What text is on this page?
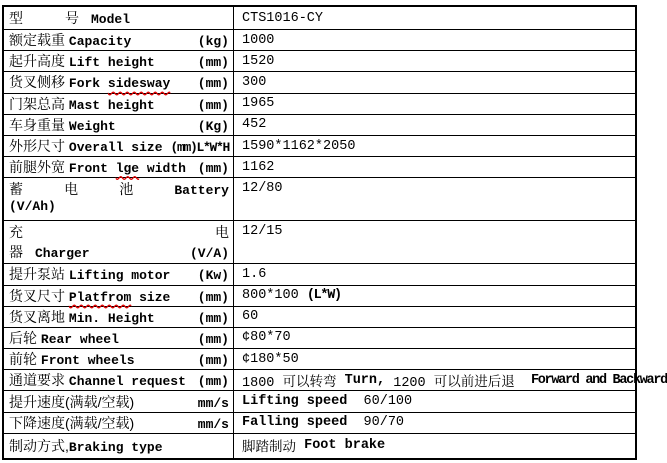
型	号 Model	CTS1016-CY
额定载重 Capacity	(kg) 1000
起升高度 Lift height	(mm) 1520
货叉侧移 Fork sidesway (mm) 300
门架总高 Mast height	(mm) 1965
车身重量 Weight	(Kg) 452
外形尺寸 Overall size (mm)L*W*H 1590*1162*2050
前腿外宽 Front lge width (mm) 1162
蓄	电	池	Battery
(V/Ah)
12/80
充	电
器 Charger	(V/A)
12/15
提升泵站 Lifting motor (Kw) 1.6
货叉尺寸 Platfrom size (mm) 800*100 (L*W)
货叉离地 Min. Height	(mm) 60
后轮 Rear wheel	(mm) ¢80*70
前轮 Front wheels	(mm) ¢180*50
通道要求 Channel request (mm) 1800 可以转弯 Turn, 1200 可以前进后退 Forward and Backward
提升速度(满载/空载)	mm/s Lifting speed 60/100
下降速度(满载/空载)	mm/s Falling speed 90/70
制动方式, Braking type	脚踏制动 Foot brake
